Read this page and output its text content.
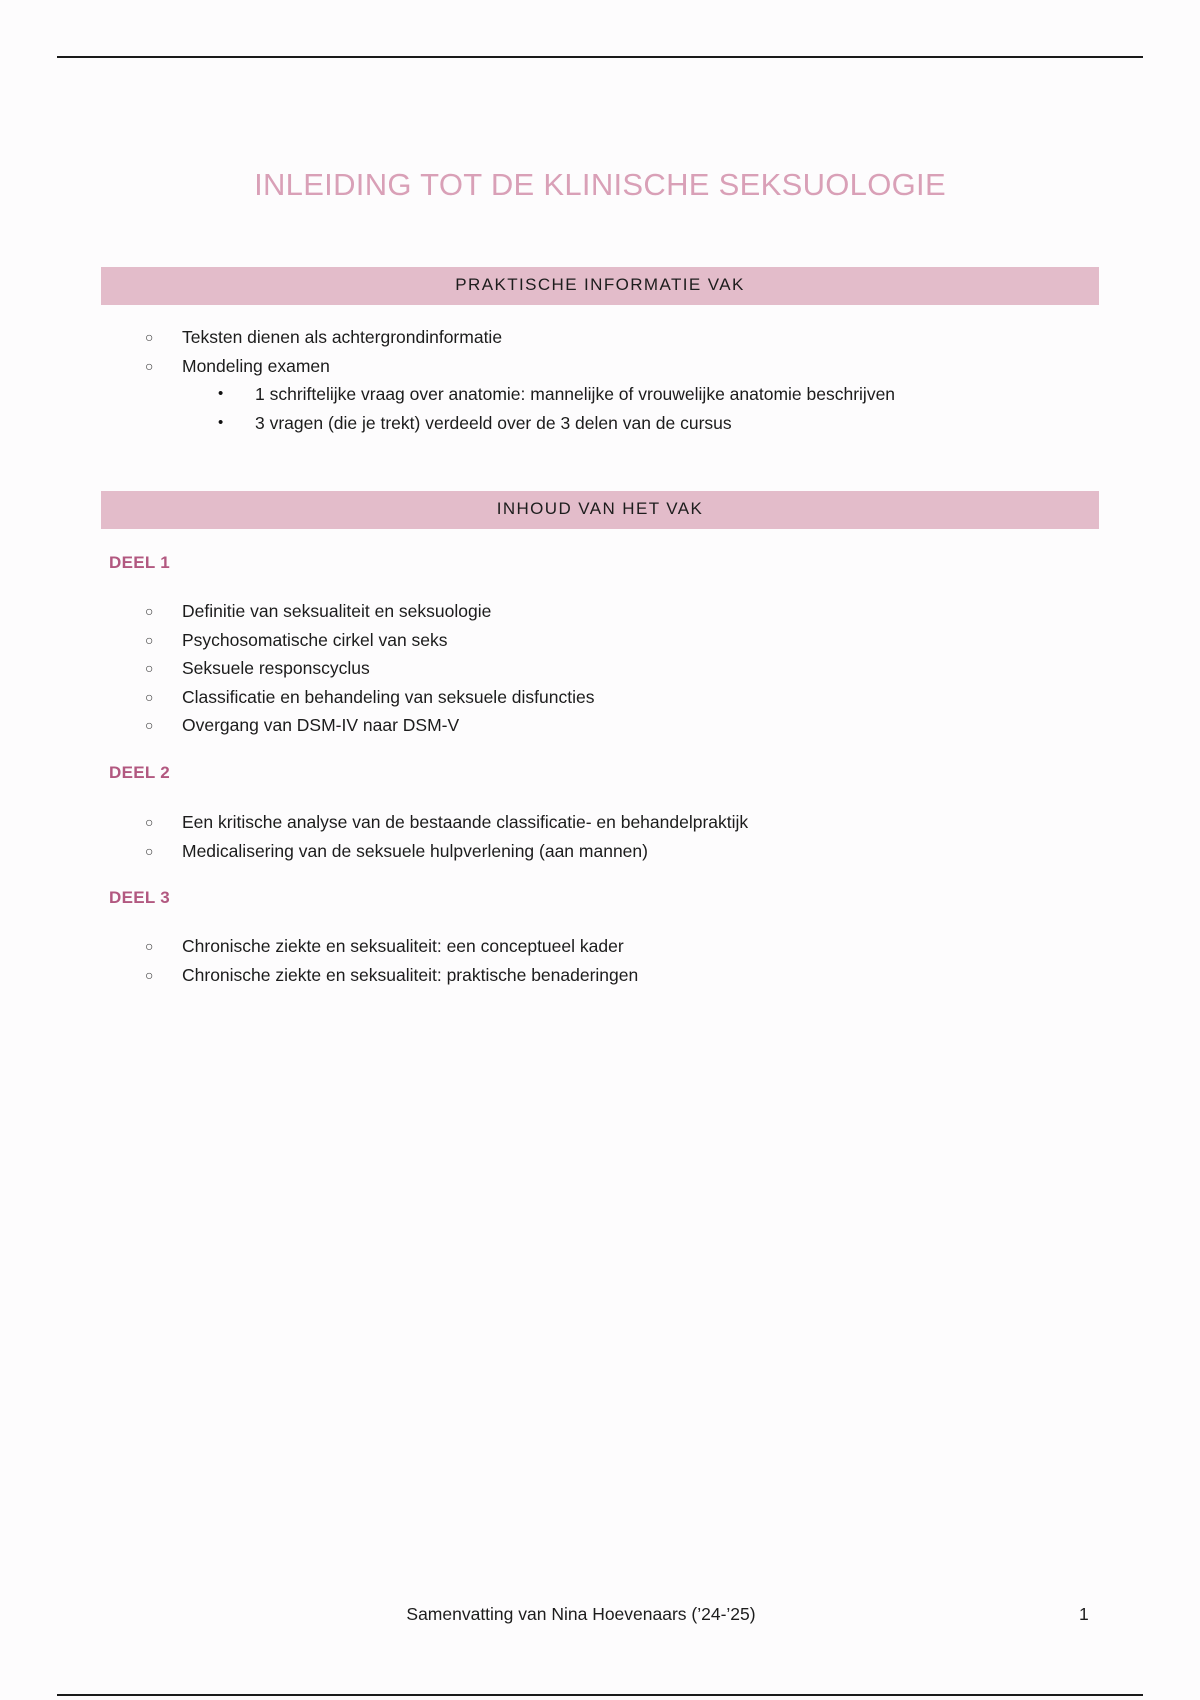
INLEIDING TOT DE KLINISCHE SEKSUOLOGIE
PRAKTISCHE INFORMATIE VAK
○ Teksten dienen als achtergrondinformatie
○ Mondeling examen
• 1 schriftelijke vraag over anatomie: mannelijke of vrouwelijke anatomie beschrijven
• 3 vragen (die je trekt) verdeeld over de 3 delen van de cursus
INHOUD VAN HET VAK
DEEL 1
○ Definitie van seksualiteit en seksuologie
○ Psychosomatische cirkel van seks
○ Seksuele responscyclus
○ Classificatie en behandeling van seksuele disfuncties
○ Overgang van DSM-IV naar DSM-V
DEEL 2
○ Een kritische analyse van de bestaande classificatie- en behandelpraktijk
○ Medicalisering van de seksuele hulpverlening (aan mannen)
DEEL 3
○ Chronische ziekte en seksualiteit: een conceptueel kader
○ Chronische ziekte en seksualiteit: praktische benaderingen
Samenvatting van Nina Hoevenaars (’24-’25)	1
